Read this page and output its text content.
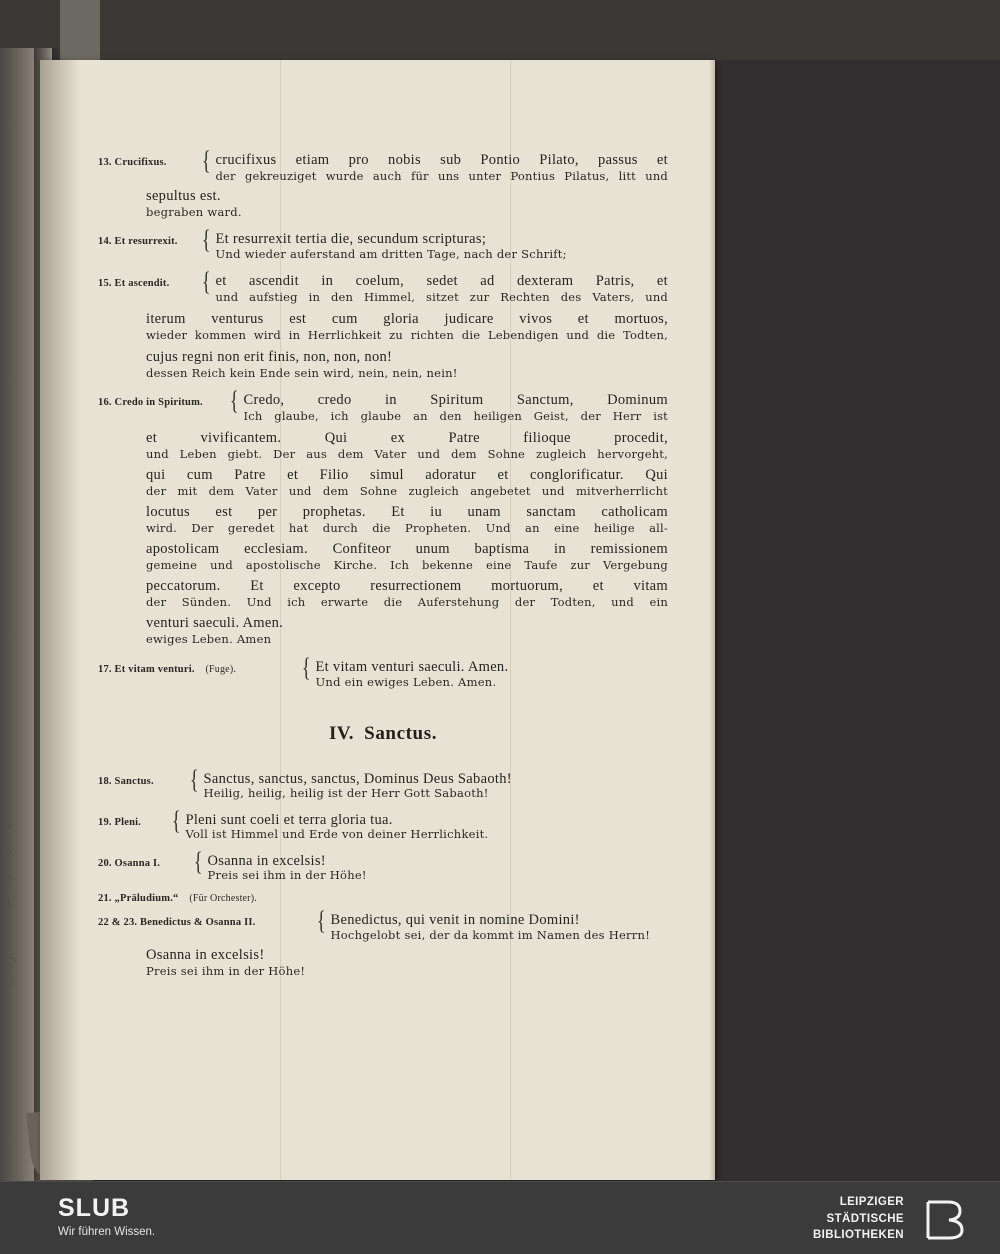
5
b
3
1
K
3
13. Crucifixus.	{ crucifixus etiam pro nobis sub Pontio Pilato, passus et
der gekreuziget wurde auch für uns unter Pontius Pilatus, litt und
sepultus est.
begraben ward.
14. Et resurrexit. { Et resurrexit tertia die, secundum scripturas;
Und wieder auferstand am dritten Tage, nach der Schrift;
15. Et ascendit.	{ et ascendit in coelum, sedet ad dexteram Patris, et
und aufstieg in den Himmel, sitzet zur Rechten des Vaters, und
iterum venturus est cum gloria judicare vivos et mortuos,
wieder kommen wird in Herrlichkeit zu richten die Lebendigen und die Todten,
cujus regni non erit finis, non, non, non!
dessen Reich kein Ende sein wird, nein, nein, nein!
16. Credo in Spiritum.	{ Credo, credo in Spiritum Sanctum, Dominum
Ich glaube, ich glaube an den heiligen Geist, der Herr ist
et vivificantem. Qui ex Patre filioque procedit,
und Leben giebt. Der aus dem Vater und dem Sohne zugleich hervorgeht,
qui cum Patre et Filio simul adoratur et conglorificatur. Qui
der mit dem Vater und dem Sohne zugleich angebetet und mitverherrlicht
locutus est per prophetas. Et iu unam sanctam catholicam
wird. Der geredet hat durch die Propheten. Und an eine heilige all-
apostolicam ecclesiam. Confiteor unum baptisma in remissionem
gemeine und apostolische Kirche. Ich bekenne eine Taufe zur Vergebung
peccatorum. Et excepto resurrectionem mortuorum, et vitam
der Sünden. Und ich erwarte die Auferstehung der Todten, und ein
venturi saeculi. Amen.
ewiges Leben. Amen
17. Et vitam venturi. (Fuge).	{ Et vitam venturi saeculi. Amen.
Und ein ewiges Leben. Amen.
IV. Sanctus.
18. Sanctus.	{ Sanctus, sanctus, sanctus, Dominus Deus Sabaoth!
Heilig, heilig, heilig ist der Herr Gott Sabaoth!
19. Pleni.	{ Pleni sunt coeli et terra gloria tua.
Voll ist Himmel und Erde von deiner Herrlichkeit.
20. Osanna I.	{ Osanna in excelsis!
Preis sei ihm in der Höhe!
21. „Präludium.“ (Für Orchester).
22 & 23. Benedictus & Osanna II.	{ Benedictus, qui venit in nomine Domini!
Hochgelobt sei, der da kommt im Namen des Herrn!
Osanna in excelsis!
Preis sei ihm in der Höhe!
SLUB
Wir führen Wissen.
LEIPZIGER
STÄDTISCHE
BIBLIOTHEKEN
